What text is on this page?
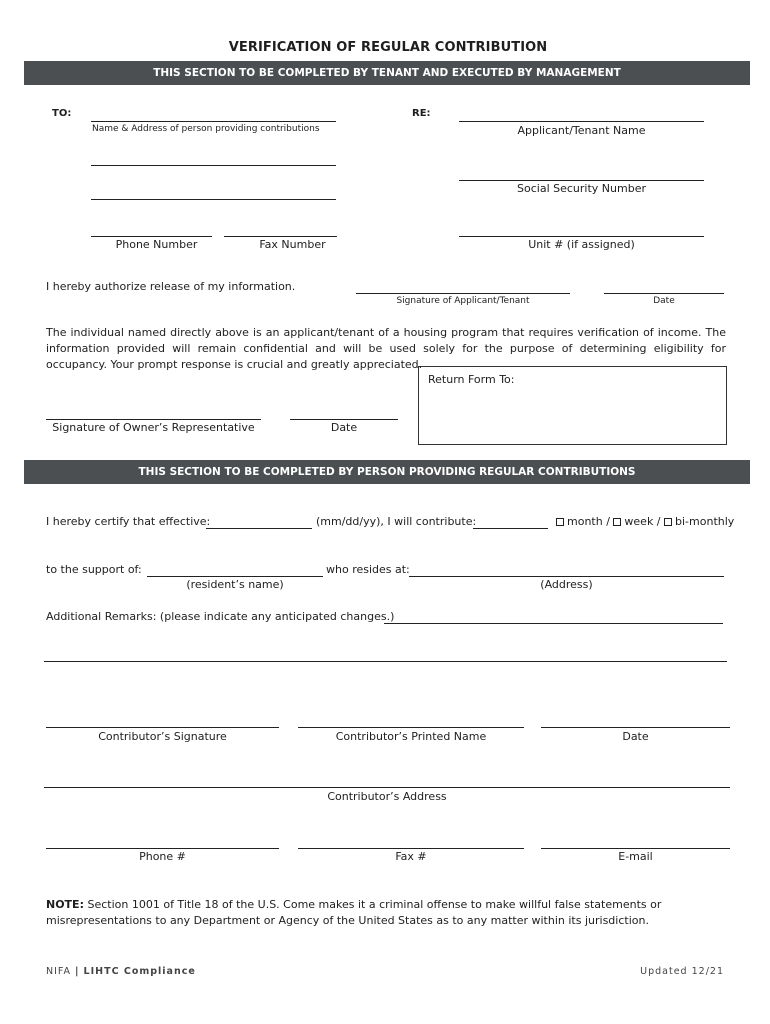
VERIFICATION OF REGULAR CONTRIBUTION
THIS SECTION TO BE COMPLETED BY TENANT AND EXECUTED BY MANAGEMENT
TO:
Name & Address of person providing contributions
RE:
Applicant/Tenant Name
Social Security Number
Phone Number	Fax Number	Unit # (if assigned)
I hereby authorize release of my information.
Signature of Applicant/Tenant	Date
The individual named directly above is an applicant/tenant of a housing program that requires verification of income. The information provided will remain confidential and will be used solely for the purpose of determining eligibility for occupancy. Your prompt response is crucial and greatly appreciated.
Return Form To:
Signature of Owner’s Representative	Date
THIS SECTION TO BE COMPLETED BY PERSON PROVIDING REGULAR CONTRIBUTIONS
I hereby certify that effective:	(mm/dd/yy), I will contribute:	month / week / bi-monthly
to the support of:
(resident’s name)
who resides at:
(Address)
Additional Remarks: (please indicate any anticipated changes.)
Contributor’s Signature	Contributor’s Printed Name	Date
Contributor’s Address
Phone #	Fax #	E-mail
NOTE: Section 1001 of Title 18 of the U.S. Come makes it a criminal offense to make willful false statements or misrepresentations to any Department or Agency of the United States as to any matter within its jurisdiction.
NIFA | LIHTC Compliance	Updated 12/21
